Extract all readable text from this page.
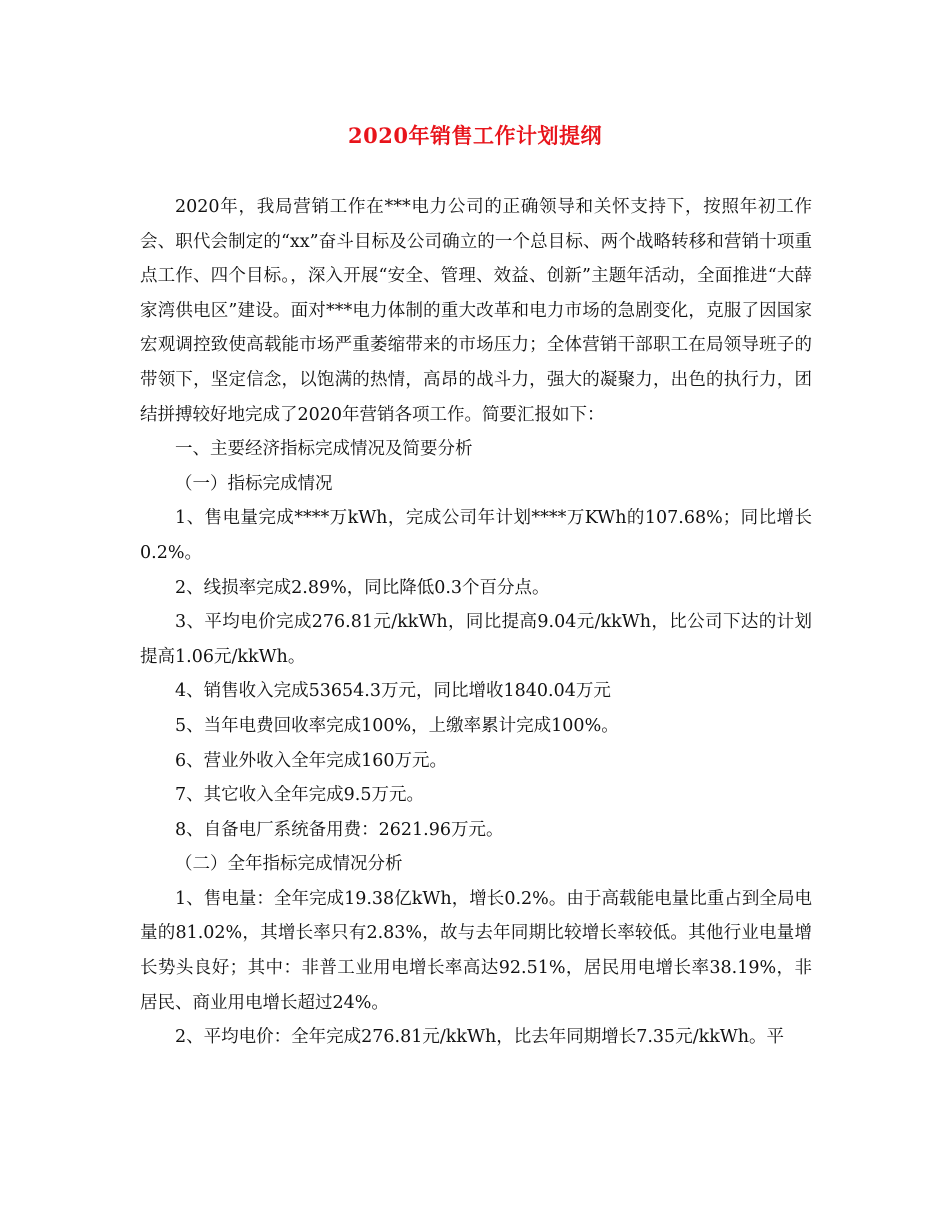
2020年销售工作计划提纲

2020年，我局营销工作在***电力公司的正确领导和关怀支持下，按照年初工作会、职代会制定的“xx”奋斗目标及公司确立的一个总目标、两个战略转移和营销十项重点工作、四个目标。，深入开展“安全、管理、效益、创新”主题年活动，全面推进“大薛家湾供电区”建设。面对***电力体制的重大改革和电力市场的急剧变化，克服了因国家宏观调控致使高载能市场严重萎缩带来的市场压力；全体营销干部职工在局领导班子的带领下，坚定信念，以饱满的热情，高昂的战斗力，强大的凝聚力，出色的执行力，团结拼搏较好地完成了2020年营销各项工作。简要汇报如下：

一、主要经济指标完成情况及简要分析

（一）指标完成情况

1、售电量完成****万kWh，完成公司年计划****万KWh的107.68%；同比增长0.2%。

2、线损率完成2.89%，同比降低0.3个百分点。

3、平均电价完成276.81元/kkWh，同比提高9.04元/kkWh，比公司下达的计划提高1.06元/kkWh。

4、销售收入完成53654.3万元，同比增收1840.04万元

5、当年电费回收率完成100%，上缴率累计完成100%。

6、营业外收入全年完成160万元。

7、其它收入全年完成9.5万元。

8、自备电厂系统备用费：2621.96万元。

（二）全年指标完成情况分析

1、售电量：全年完成19.38亿kWh，增长0.2%。由于高载能电量比重占到全局电量的81.02%，其增长率只有2.83%，故与去年同期比较增长率较低。其他行业电量增长势头良好；其中：非普工业用电增长率高达92.51%，居民用电增长率38.19%，非居民、商业用电增长超过24%。

2、平均电价：全年完成276.81元/kkWh，比去年同期增长7.35元/kkWh。平
